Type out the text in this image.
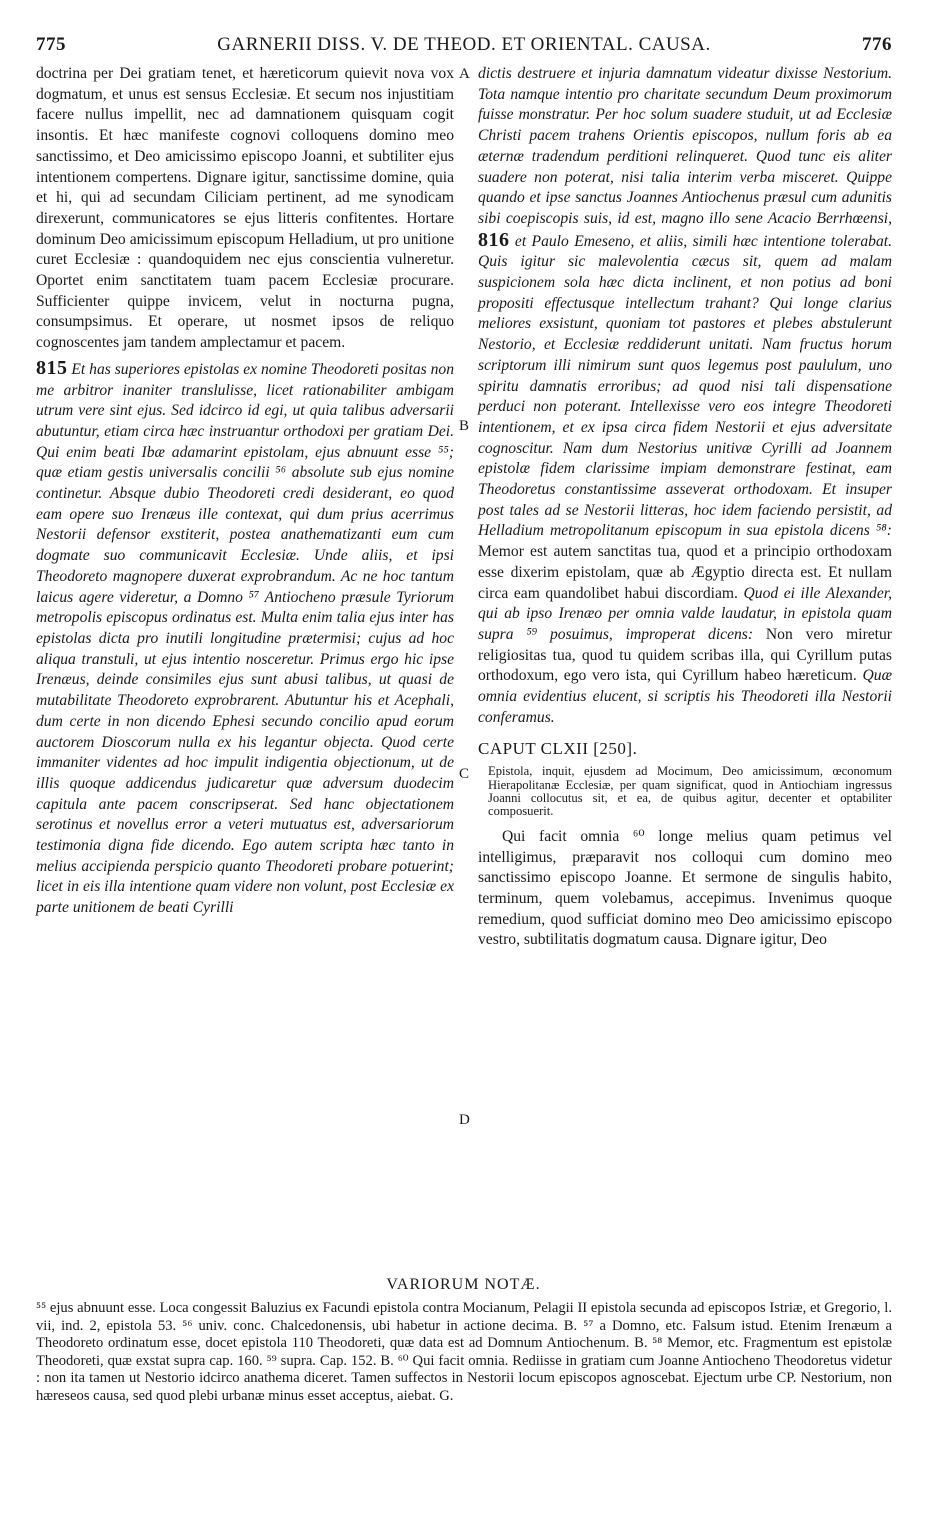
775	GARNERII DISS. V. DE THEOD. ET ORIENTAL. CAUSA.	776
A
B
C
D

doctrina per Dei gratiam tenet, et hæreticorum quievit nova vox dogmatum, et unus est sensus Ecclesiæ. Et secum nos injustitiam facere nullus impellit, nec ad damnationem quisquam cogit insontis. Et hæc manifeste cognovi colloquens domino meo sanctissimo, et Deo amicissimo episcopo Joanni, et subtiliter ejus intentionem compertens. Dignare igitur, sanctissime domine, quia et hi, qui ad secundam Ciliciam pertinent, ad me synodicam direxerunt, communicatores se ejus litteris confitentes. Hortare dominum Deo amicissimum episcopum Helladium, ut pro unitione curet Ecclesiæ : quandoquidem nec ejus conscientia vulneretur. Oportet enim sanctitatem tuam pacem Ecclesiæ procurare. Sufficienter quippe invicem, velut in nocturna pugna, consumpsimus. Et operare, ut nosmet ipsos de reliquo cognoscentes jam tandem amplectamur et pacem.

815 Et has superiores epistolas ex nomine Theodoreti positas non me arbitror inaniter translulisse, licet rationabiliter ambigam utrum vere sint ejus. Sed idcirco id egi, ut quia talibus adversarii abutuntur, etiam circa hæc instruantur orthodoxi per gratiam Dei. Qui enim beati Ibæ adamarint epistolam, ejus abnuunt esse ⁵⁵; quæ etiam gestis universalis concilii ⁵⁶ absolute sub ejus nomine continetur. Absque dubio Theodoreti credi desiderant, eo quod eam opere suo Irenæus ille contexat, qui dum prius acerrimus Nestorii defensor exstiterit, postea anathematizanti eum cum dogmate suo communicavit Ecclesiæ. Unde aliis, et ipsi Theodoreto magnopere duxerat exprobrandum. Ac ne hoc tantum laicus agere videretur, a Domno ⁵⁷ Antiocheno præsule Tyriorum metropolis episcopus ordinatus est. Multa enim talia ejus inter has epistolas dicta pro inutili longitudine prætermisi; cujus ad hoc aliqua transtuli, ut ejus intentio nosceretur. Primus ergo hic ipse Irenæus, deinde consimiles ejus sunt abusi talibus, ut quasi de mutabilitate Theodoreto exprobrarent. Abutuntur his et Acephali, dum certe in non dicendo Ephesi secundo concilio apud eorum auctorem Dioscorum nulla ex his legantur objecta. Quod certe immaniter videntes ad hoc impulit indigentia objectionum, ut de illis quoque addicendus judicaretur quæ adversum duodecim capitula ante pacem conscripserat. Sed hanc objectationem serotinus et novellus error a veteri mutuatus est, adversariorum testimonia digna fide dicendo. Ego autem scripta hæc tanto in melius accipienda perspicio quanto Theodoreti probare potuerint; licet in eis illa intentione quam videre non volunt, post Ecclesiæ ex parte unitionem de beati Cyrilli

dictis destruere et injuria damnatum videatur dixisse Nestorium. Tota namque intentio pro charitate secundum Deum proximorum fuisse monstratur. Per hoc solum suadere studuit, ut ad Ecclesiæ Christi pacem trahens Orientis episcopos, nullum foris ab ea æternæ tradendum perditioni relinqueret. Quod tunc eis aliter suadere non poterat, nisi talia interim verba misceret. Quippe quando et ipse sanctus Joannes Antiochenus præsul cum adunitis sibi coepiscopis suis, id est, magno illo sene Acacio Berrhœensi, 816 et Paulo Emeseno, et aliis, simili hæc intentione tolerabat. Quis igitur sic malevolentia cæcus sit, quem ad malam suspicionem sola hæc dicta inclinent, et non potius ad boni propositi effectusque intellectum trahant? Qui longe clarius meliores exsistunt, quoniam tot pastores et plebes abstulerunt Nestorio, et Ecclesiæ reddiderunt unitati. Nam fructus horum scriptorum illi nimirum sunt quos legemus post paululum, uno spiritu damnatis erroribus; ad quod nisi tali dispensatione perduci non poterant. Intellexisse vero eos integre Theodoreti intentionem, et ex ipsa circa fidem Nestorii et ejus adversitate cognoscitur. Nam dum Nestorius unitivæ Cyrilli ad Joannem epistolæ fidem clarissime impiam demonstrare festinat, eam Theodoretus constantissime asseverat orthodoxam. Et insuper post tales ad se Nestorii litteras, hoc idem faciendo persistit, ad Helladium metropolitanum episcopum in sua epistola dicens ⁵⁸: Memor est autem sanctitas tua, quod et a principio orthodoxam esse dixerim epistolam, quæ ab Ægyptio directa est. Et nullam circa eam quandolibet habui discordiam. Quod ei ille Alexander, qui ab ipso Irenæo per omnia valde laudatur, in epistola quam supra ⁵⁹ posuimus, improperat dicens: Non vero miretur religiositas tua, quod tu quidem scribas illa, qui Cyrillum putas orthodoxum, ego vero ista, qui Cyrillum habeo hæreticum. Quæ omnia evidentius elucent, si scriptis his Theodoreti illa Nestorii conferamus.

CAPUT CLXII [250].

Epistola, inquit, ejusdem ad Mocimum, Deo amicissimum, œconomum Hierapolitanæ Ecclesiæ, per quam significat, quod in Antiochiam ingressus Joanni collocutus sit, et ea, de quibus agitur, decenter et optabiliter composuerit.

Qui facit omnia ⁶⁰ longe melius quam petimus vel intelligimus, præparavit nos colloqui cum domino meo sanctissimo episcopo Joanne. Et sermone de singulis habito, terminum, quem volebamus, accepimus. Invenimus quoque remedium, quod sufficiat domino meo Deo amicissimo episcopo vestro, subtilitatis dogmatum causa. Dignare igitur, Deo

VARIORUM NOTÆ.

⁵⁵ ejus abnuunt esse. Loca congessit Baluzius ex Facundi epistola contra Mocianum, Pelagii II epistola secunda ad episcopos Istriæ, et Gregorio, l. vii, ind. 2, epistola 53. ⁵⁶ univ. conc. Chalcedonensis, ubi habetur in actione decima. B. ⁵⁷ a Domno, etc. Falsum istud. Etenim Irenæum a Theodoreto ordinatum esse, docet epistola 110 Theodoreti, quæ data est ad Domnum Antiochenum. B. ⁵⁸ Memor, etc. Fragmentum est epistolæ Theodoreti, quæ exstat supra cap. 160. ⁵⁹ supra. Cap. 152. B. ⁶⁰ Qui facit omnia. Rediisse in gratiam cum Joanne Antiocheno Theodoretus videtur : non ita tamen ut Nestorio idcirco anathema diceret. Tamen suffectos in Nestorii locum episcopos agnoscebat. Ejectum urbe CP. Nestorium, non hæreseos causa, sed quod plebi urbanæ minus esset acceptus, aiebat. G.
